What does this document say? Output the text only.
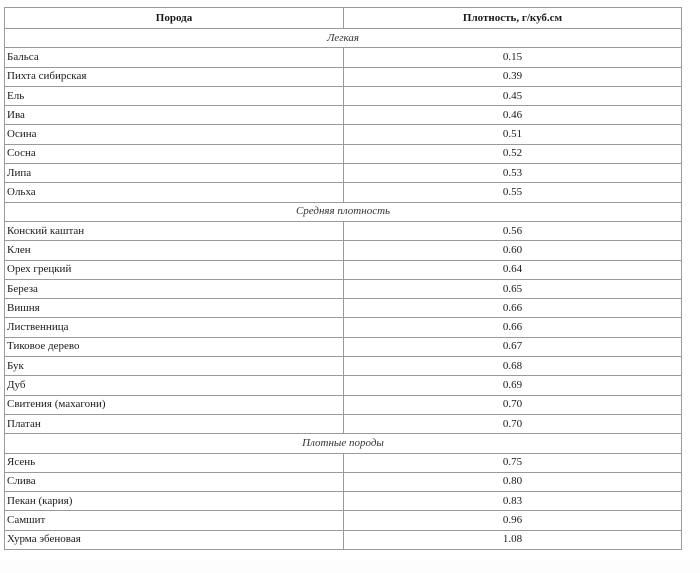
Порода	Плотность, г/куб.см
Легкая	
Бальса	0.15
Пихта сибирская	0.39
Ель	0.45
Ива	0.46
Осина	0.51
Сосна	0.52
Липа	0.53
Ольха	0.55
Средняя плотность	
Конский каштан	0.56
Клен	0.60
Орех грецкий	0.64
Береза	0.65
Вишня	0.66
Лиственница	0.66
Тиковое дерево	0.67
Бук	0.68
Дуб	0.69
Свитения (махагони)	0.70
Платан	0.70
Плотные породы	
Ясень	0.75
Слива	0.80
Пекан (кария)	0.83
Самшит	0.96
Хурма эбеновая	1.08
